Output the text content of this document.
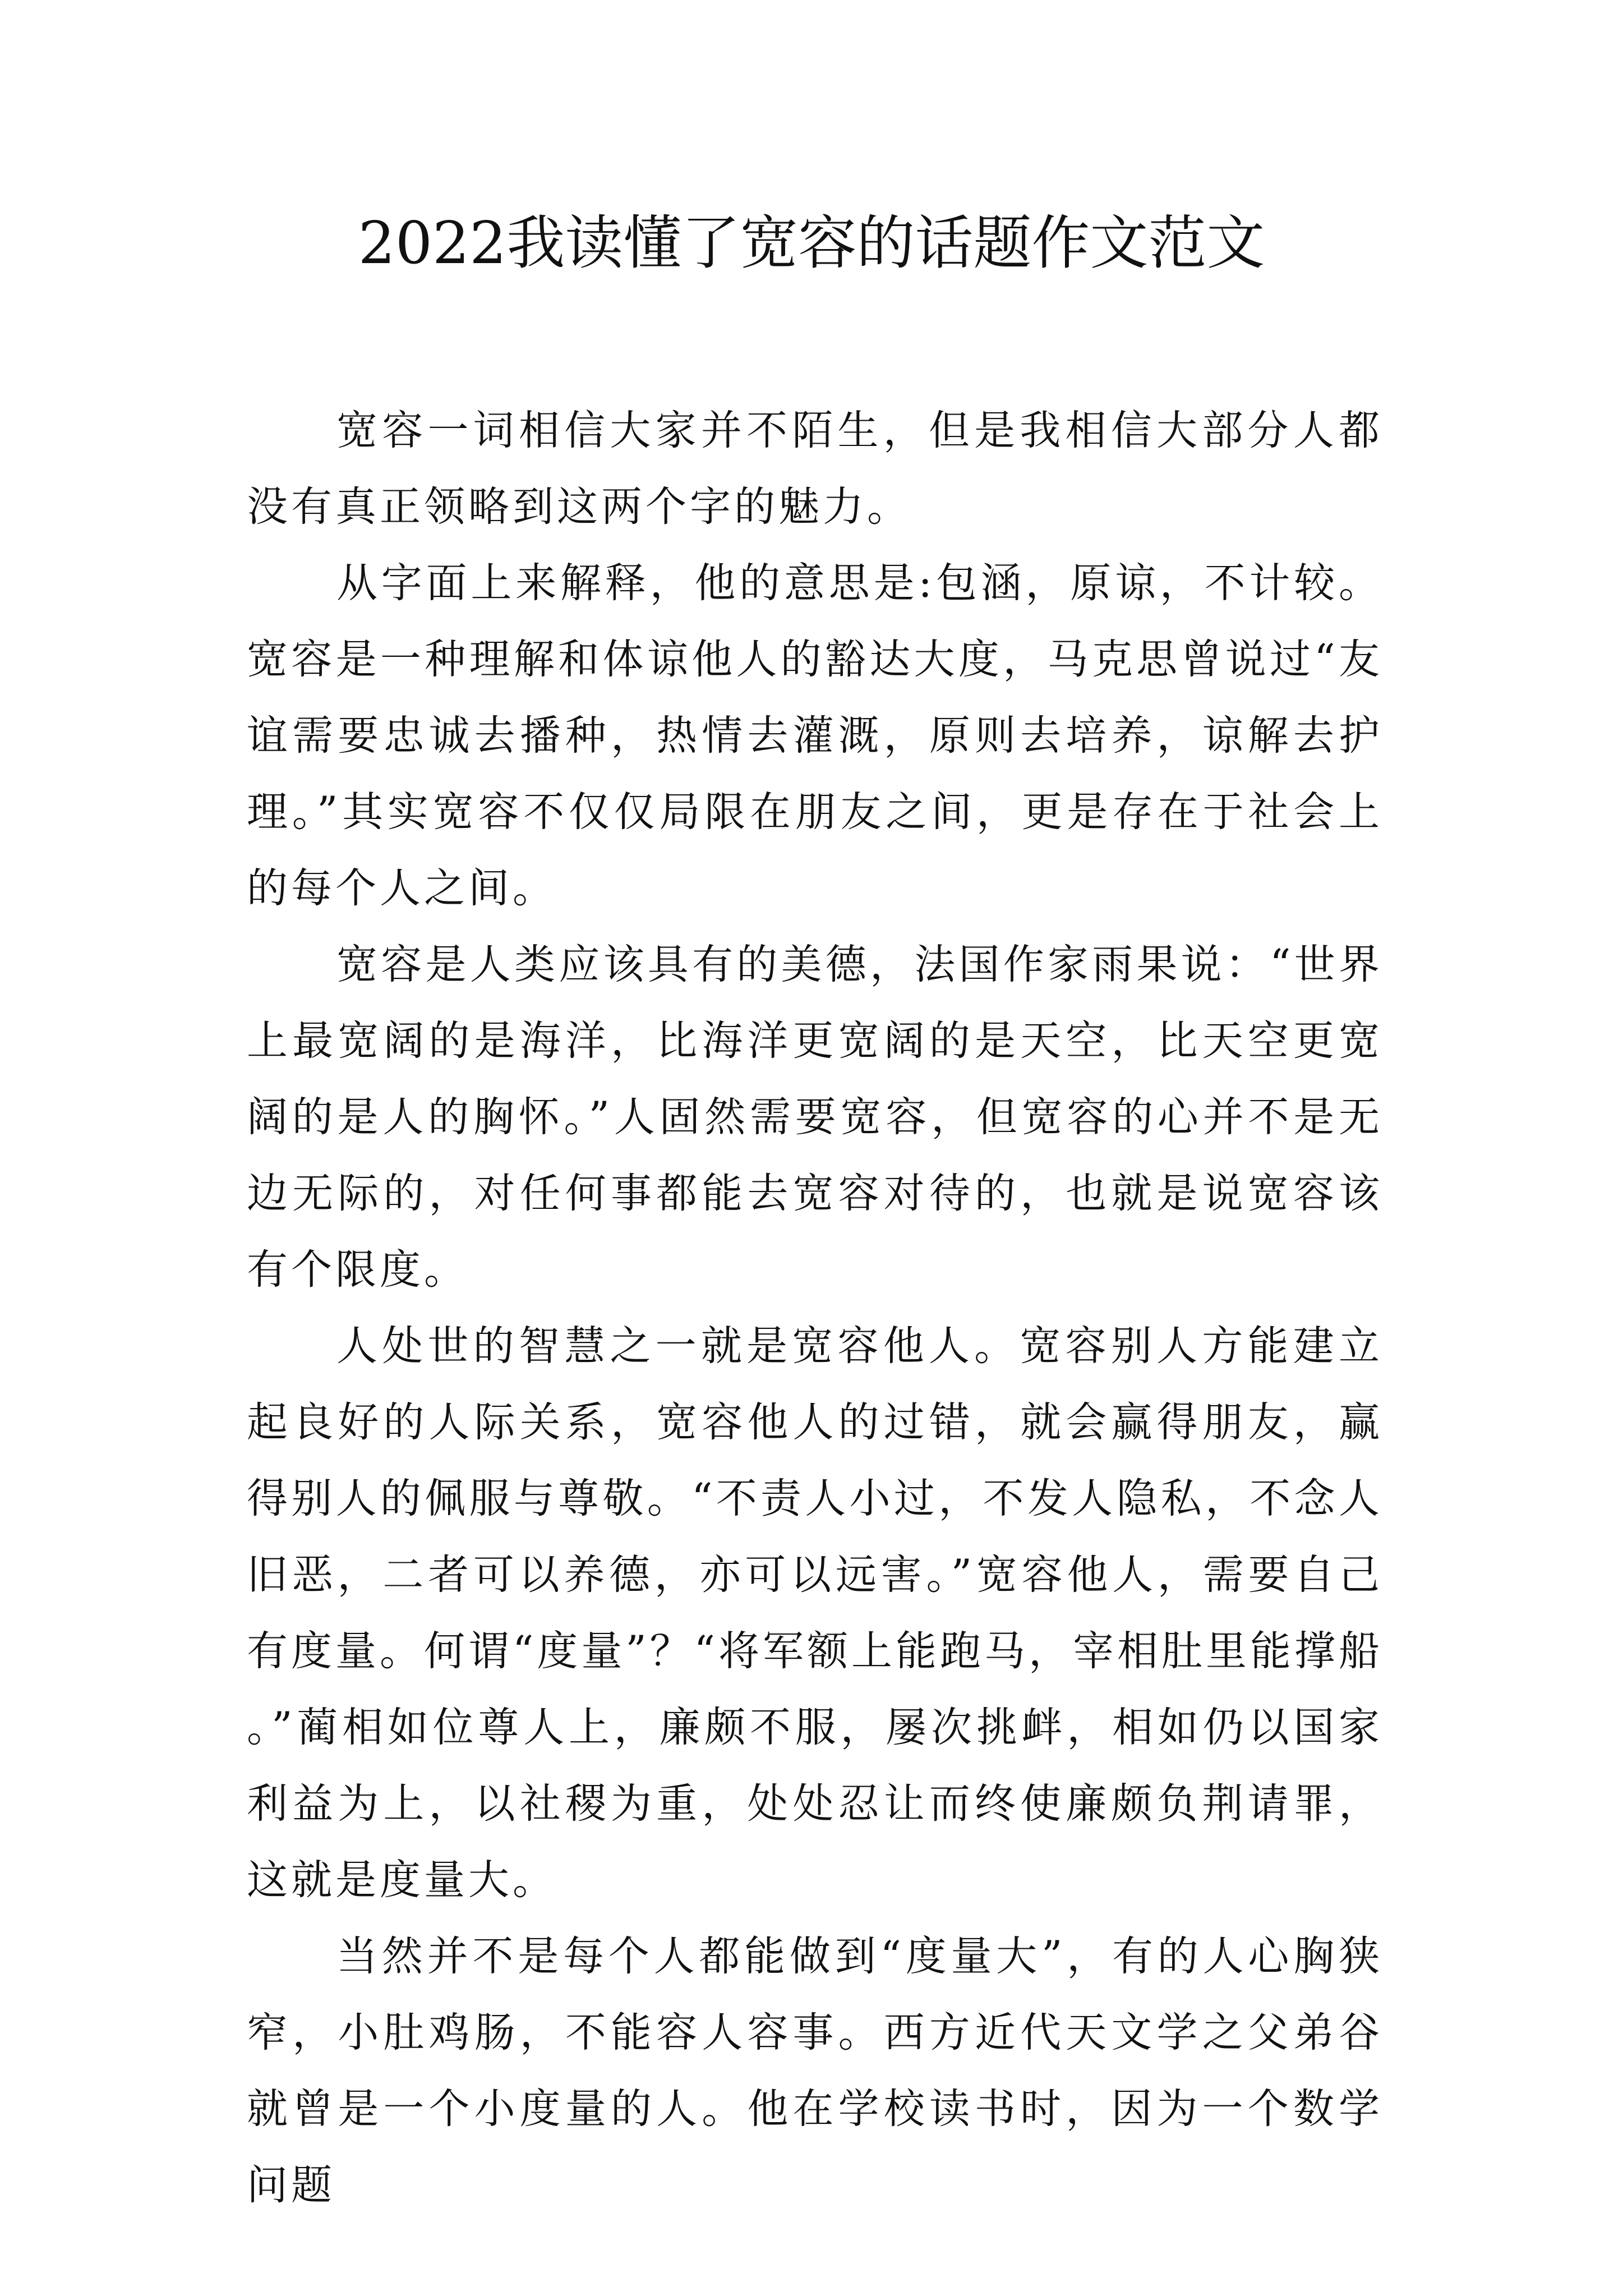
2022我读懂了宽容的话题作文范文

宽容一词相信大家并不陌生，但是我相信大部分人都没有真正领略到这两个字的魅力。

从字面上来解释，他的意思是:包涵，原谅，不计较。宽容是一种理解和体谅他人的豁达大度，马克思曾说过“友谊需要忠诚去播种，热情去灌溉，原则去培养，谅解去护理。”其实宽容不仅仅局限在朋友之间，更是存在于社会上的每个人之间。

宽容是人类应该具有的美德，法国作家雨果说：“世界上最宽阔的是海洋，比海洋更宽阔的是天空，比天空更宽阔的是人的胸怀。”人固然需要宽容，但宽容的心并不是无边无际的，对任何事都能去宽容对待的，也就是说宽容该有个限度。

人处世的智慧之一就是宽容他人。宽容别人方能建立起良好的人际关系，宽容他人的过错，就会赢得朋友，赢得别人的佩服与尊敬。“不责人小过，不发人隐私，不念人旧恶，二者可以养德，亦可以远害。”宽容他人，需要自己有度量。何谓“度量”？“将军额上能跑马，宰相肚里能撑船。”蔺相如位尊人上，廉颇不服，屡次挑衅，相如仍以国家利益为上，以社稷为重，处处忍让而终使廉颇负荆请罪，这就是度量大。

当然并不是每个人都能做到“度量大”，有的人心胸狭窄，小肚鸡肠，不能容人容事。西方近代天文学之父弟谷就曾是一个小度量的人。他在学校读书时，因为一个数学问题
